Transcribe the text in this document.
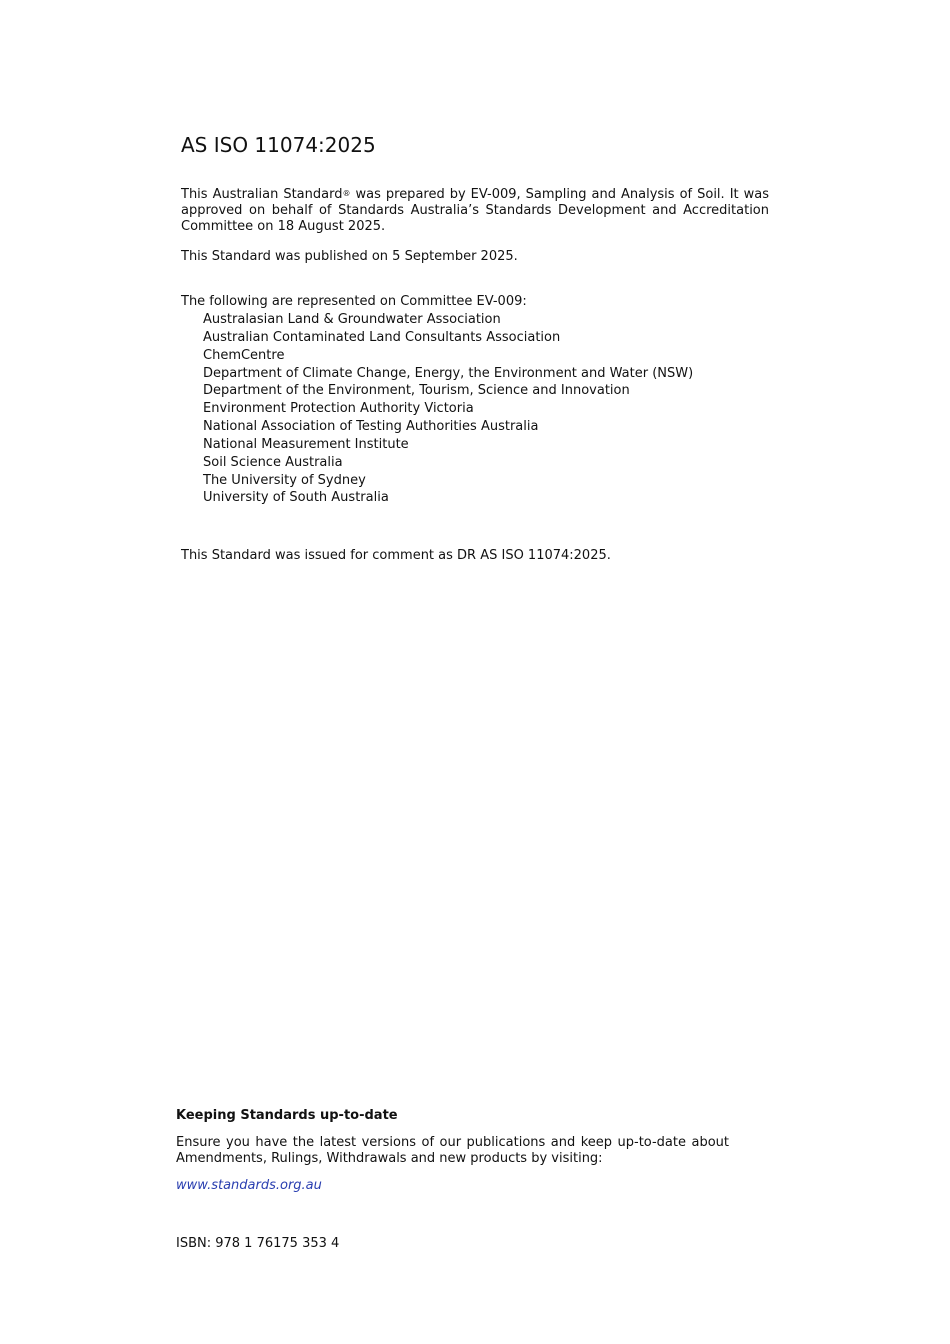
AS ISO 11074:2025

This Australian Standard® was prepared by EV-009, Sampling and Analysis of Soil. It was approved on behalf of Standards Australia’s Standards Development and Accreditation Committee on 18 August 2025.

This Standard was published on 5 September 2025.

The following are represented on Committee EV-009:

Australasian Land & Groundwater Association
Australian Contaminated Land Consultants Association
ChemCentre
Department of Climate Change, Energy, the Environment and Water (NSW)
Department of the Environment, Tourism, Science and Innovation
Environment Protection Authority Victoria
National Association of Testing Authorities Australia
National Measurement Institute
Soil Science Australia
The University of Sydney
University of South Australia

This Standard was issued for comment as DR AS ISO 11074:2025.

Keeping Standards up-to-date

Ensure you have the latest versions of our publications and keep up-to-date about Amendments, Rulings, Withdrawals and new products by visiting:

www.standards.org.au

ISBN: 978 1 76175 353 4
